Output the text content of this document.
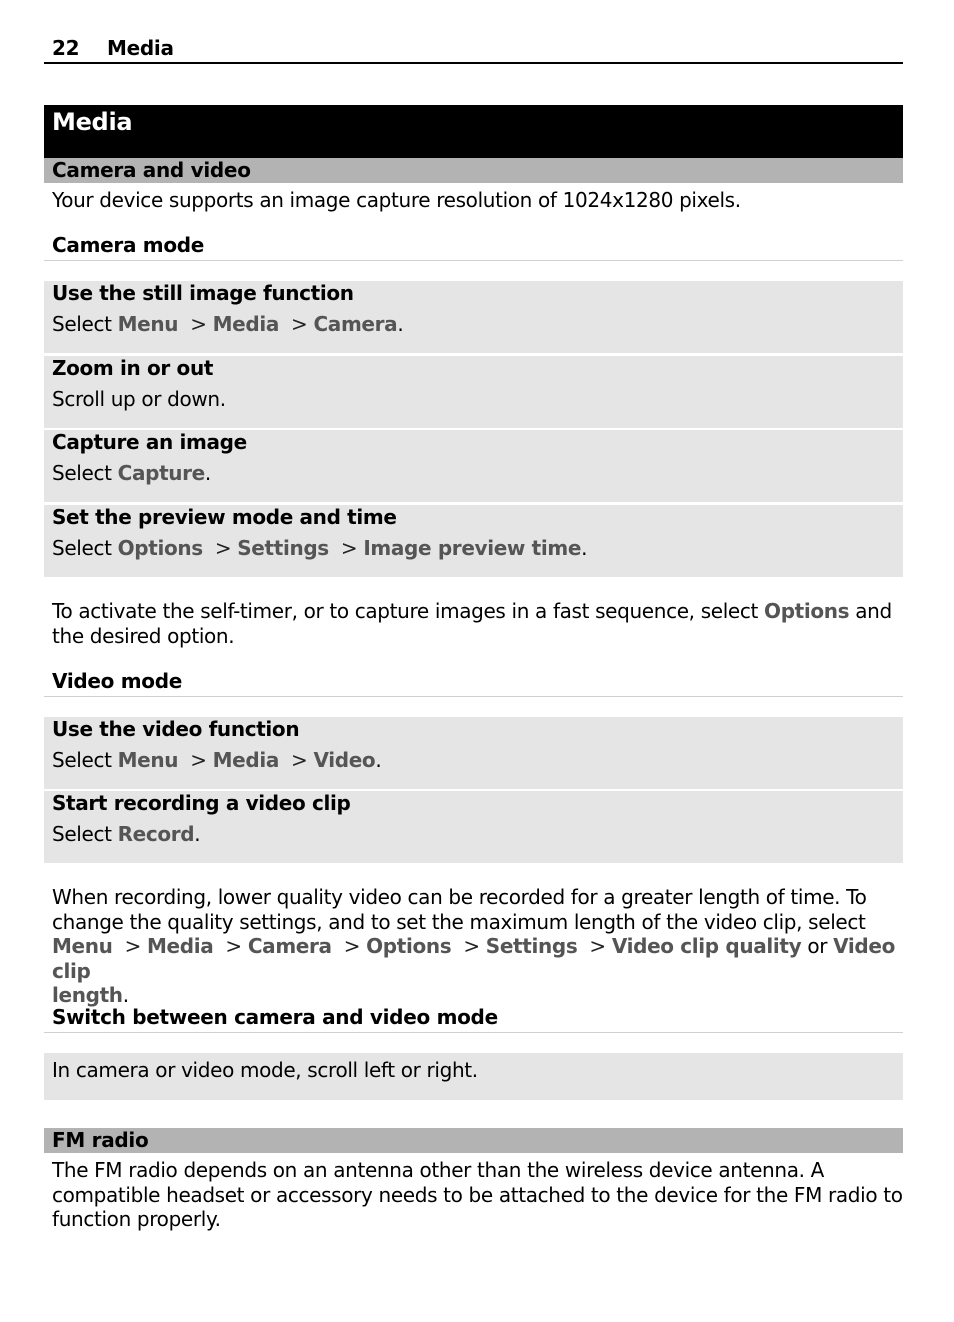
22 Media
Media
Camera and video
Your device supports an image capture resolution of 1024x1280 pixels.
Camera mode
Use the still image function
Select Menu  > Media  > Camera.
Zoom in or out
Scroll up or down.
Capture an image
Select Capture.
Set the preview mode and time
Select Options  > Settings  > Image preview time.
To activate the self-timer, or to capture images in a fast sequence, select Options and
the desired option.
Video mode
Use the video function
Select Menu  > Media  > Video.
Start recording a video clip
Select Record.
When recording, lower quality video can be recorded for a greater length of time. To
change the quality settings, and to set the maximum length of the video clip, select
Menu  > Media  > Camera  > Options  > Settings  > Video clip quality or Video clip
length.
Switch between camera and video mode
In camera or video mode, scroll left or right.
FM radio
The FM radio depends on an antenna other than the wireless device antenna. A
compatible headset or accessory needs to be attached to the device for the FM radio to
function properly.
